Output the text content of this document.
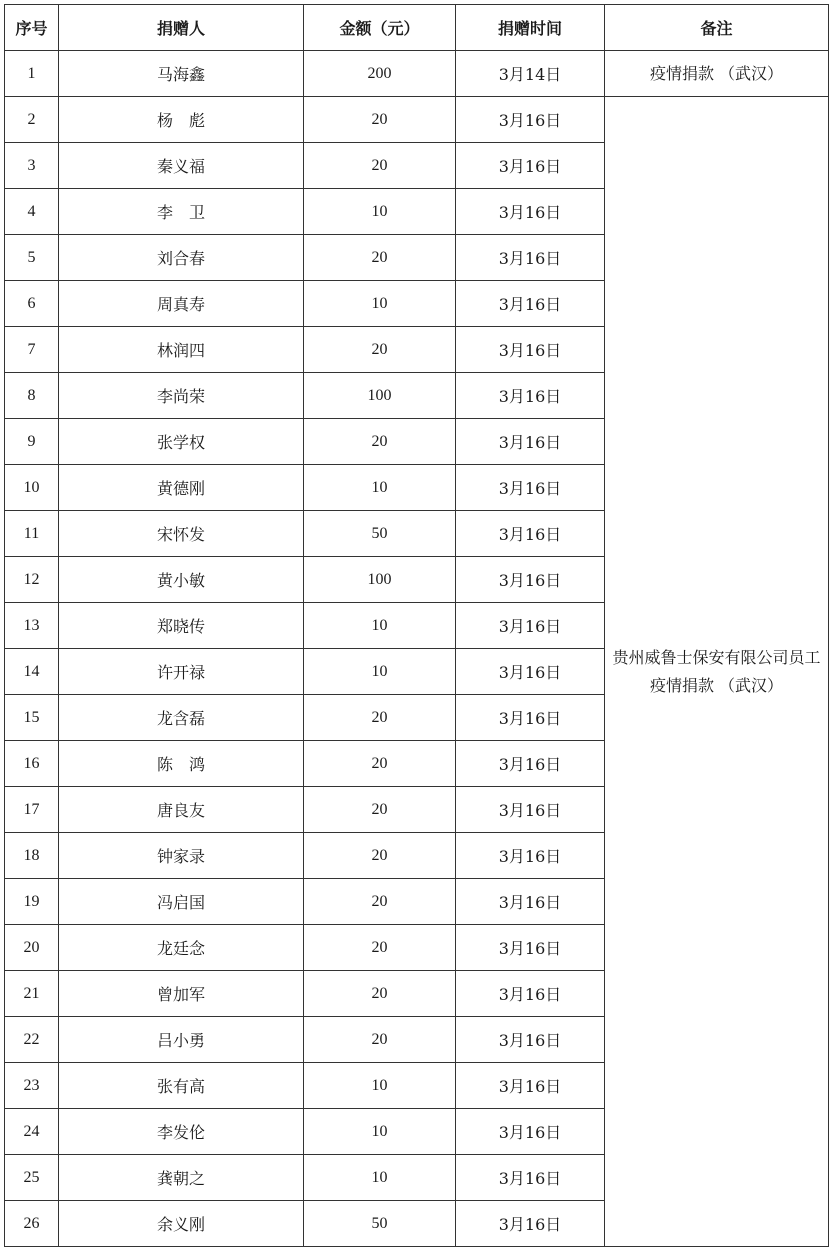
序号	捐赠人	金额（元）	捐赠时间	备注
1	马海鑫	200	3月14日	疫情捐款 （武汉）
2	杨　彪	20	3月16日	贵州威鲁士保安有限公司员工疫情捐款 （武汉）
3	秦义福	20	3月16日	
4	李　卫	10	3月16日	
5	刘合春	20	3月16日	
6	周真寿	10	3月16日	
7	林润四	20	3月16日	
8	李尚荣	100	3月16日	
9	张学权	20	3月16日	
10	黄德刚	10	3月16日	
11	宋怀发	50	3月16日	
12	黄小敏	100	3月16日	
13	郑晓传	10	3月16日	
14	许开禄	10	3月16日	
15	龙含磊	20	3月16日	
16	陈　鸿	20	3月16日	
17	唐良友	20	3月16日	
18	钟家录	20	3月16日	
19	冯启国	20	3月16日	
20	龙廷念	20	3月16日	
21	曾加军	20	3月16日	
22	吕小勇	20	3月16日	
23	张有高	10	3月16日	
24	李发伦	10	3月16日	
25	龚朝之	10	3月16日	
26	余义刚	50	3月16日	
